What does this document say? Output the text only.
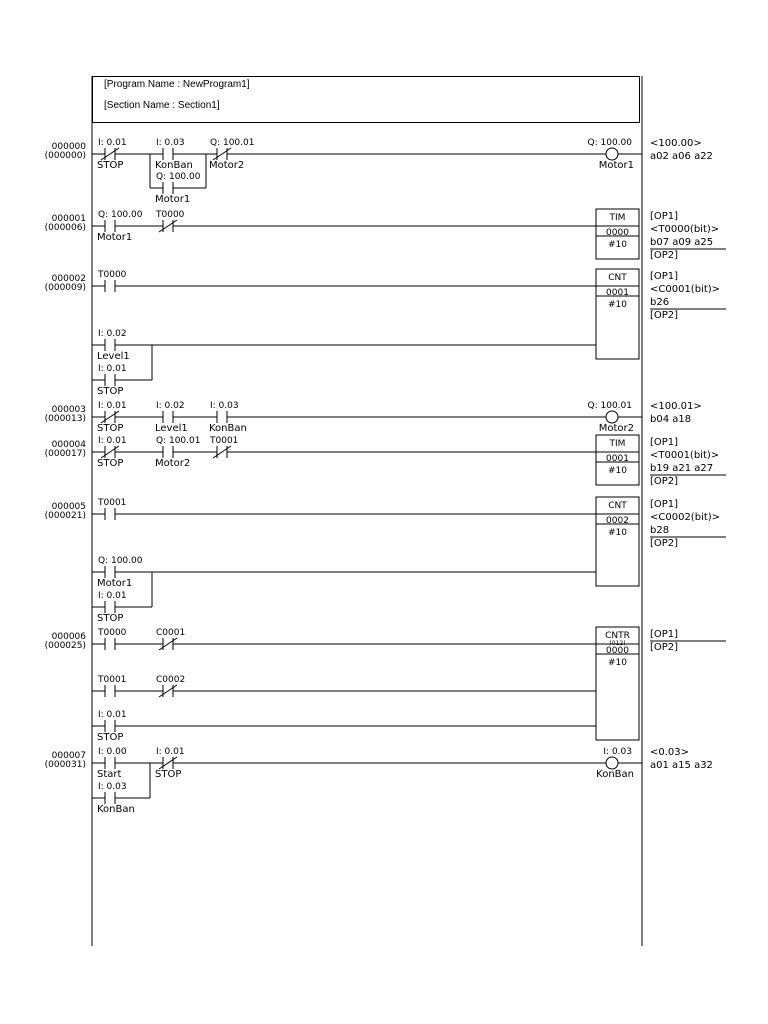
000000
(000000)
I: 0.01
STOP
I: 0.03
KonBan
Q: 100.01
Motor2
Q: 100.00
Motor1
Q: 100.00
Motor1
<100.00>
a02 a06 a22
000001
(000006)
Q: 100.00
Motor1
T0000	TIM
0000
#10
[OP1]
<T0000(bit)>
b07 a09 a25
[OP2]
000002
(000009)
T0000
I: 0.02
Level1
I: 0.01
STOP
CNT
0001
#10
[OP1]
<C0001(bit)>
b26
[OP2]
000003
(000013)
I: 0.01
STOP
I: 0.02
Level1
I: 0.03
KonBan
Q: 100.01
Motor2
<100.01>
b04 a18
000004
(000017)
I: 0.01
STOP
Q: 100.01
Motor2
T0001	TIM
0001
#10
[OP1]
<T0001(bit)>
b19 a21 a27
[OP2]
000005
(000021)
T0001
Q: 100.00
Motor1
I: 0.01
STOP
CNT
0002
#10
[OP1]
<C0002(bit)>
b28
[OP2]
000006
(000025)
T0000	C0001
T0001	C0002
I: 0.01
STOP
CNTR
(012)
0000
#10
[OP1]
[OP2]
000007
(000031)
I: 0.00
Start
I: 0.01
STOP
I: 0.03
KonBan
I: 0.03
KonBan
<0.03>
a01 a15 a32
[Program Name : NewProgram1]
[Section Name : Section1]
